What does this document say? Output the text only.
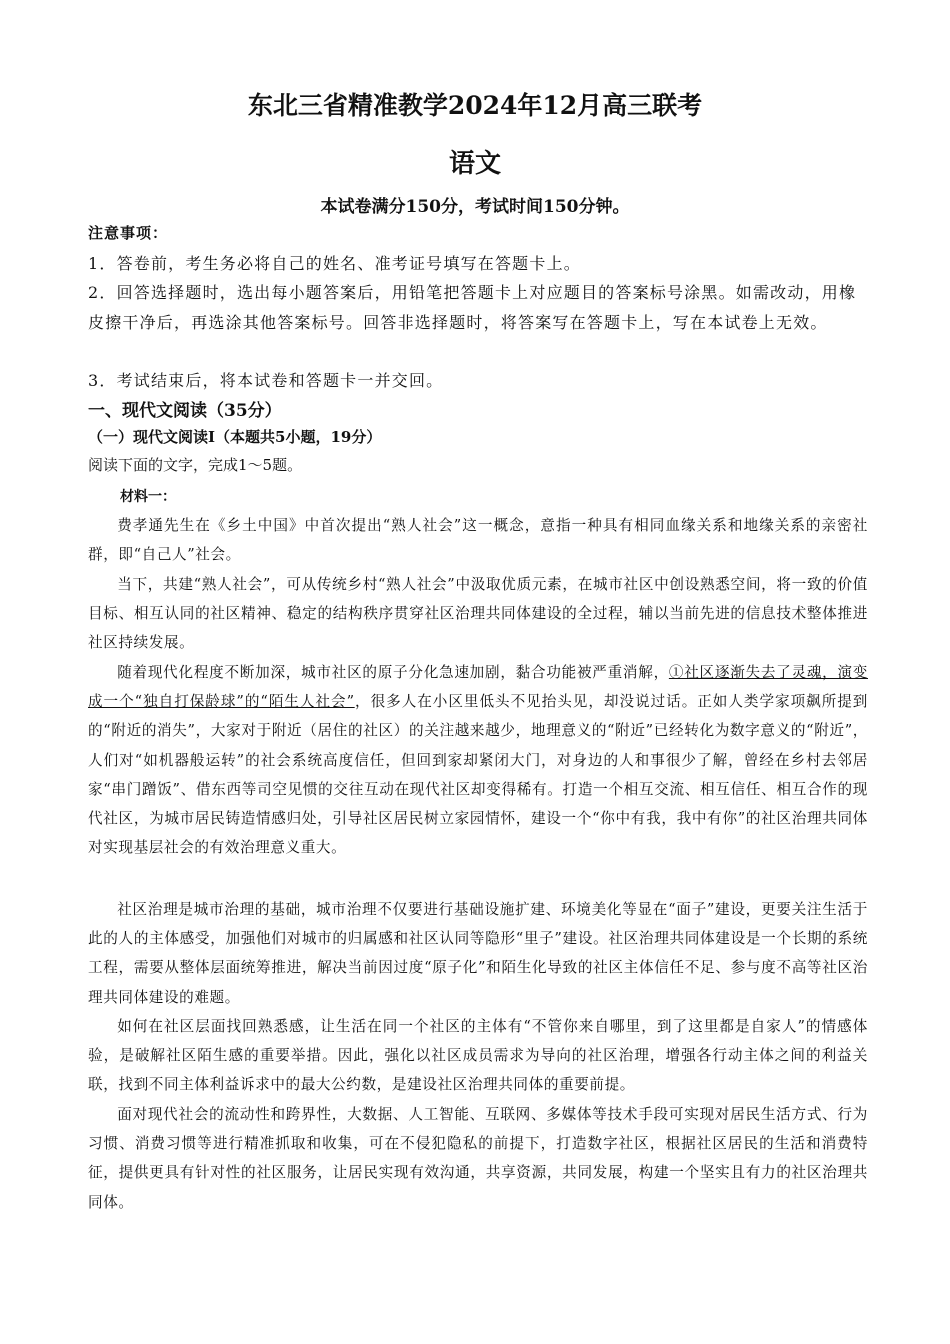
东北三省精准教学2024年12月高三联考
语文
本试卷满分150分，考试时间150分钟。
注意事项：
1．答卷前，考生务必将自己的姓名、准考证号填写在答题卡上。
2．回答选择题时，选出每小题答案后，用铅笔把答题卡上对应题目的答案标号涂黑。如需改动，用橡皮擦干净后，再选涂其他答案标号。回答非选择题时，将答案写在答题卡上，写在本试卷上无效。
3．考试结束后，将本试卷和答题卡一并交回。
一、现代文阅读（35分）
（一）现代文阅读Ⅰ（本题共5小题，19分）
阅读下面的文字，完成1～5题。
材料一：
费孝通先生在《乡土中国》中首次提出“熟人社会”这一概念，意指一种具有相同血缘关系和地缘关系的亲密社群，即“自己人”社会。
当下，共建“熟人社会”，可从传统乡村“熟人社会”中汲取优质元素，在城市社区中创设熟悉空间，将一致的价值目标、相互认同的社区精神、稳定的结构秩序贯穿社区治理共同体建设的全过程，辅以当前先进的信息技术整体推进社区持续发展。
随着现代化程度不断加深，城市社区的原子分化急速加剧，黏合功能被严重消解，①社区逐渐失去了灵魂，演变成一个“独自打保龄球”的“陌生人社会”，很多人在小区里低头不见抬头见，却没说过话。正如人类学家项飙所提到的“附近的消失”，大家对于附近（居住的社区）的关注越来越少，地理意义的“附近”已经转化为数字意义的“附近”，人们对“如机器般运转”的社会系统高度信任，但回到家却紧闭大门，对身边的人和事很少了解，曾经在乡村去邻居家“串门蹭饭”、借东西等司空见惯的交往互动在现代社区却变得稀有。打造一个相互交流、相互信任、相互合作的现代社区，为城市居民铸造情感归处，引导社区居民树立家园情怀，建设一个“你中有我，我中有你”的社区治理共同体对实现基层社会的有效治理意义重大。
社区治理是城市治理的基础，城市治理不仅要进行基础设施扩建、环境美化等显在“面子”建设，更要关注生活于此的人的主体感受，加强他们对城市的归属感和社区认同等隐形“里子”建设。社区治理共同体建设是一个长期的系统工程，需要从整体层面统筹推进，解决当前因过度“原子化”和陌生化导致的社区主体信任不足、参与度不高等社区治理共同体建设的难题。
如何在社区层面找回熟悉感，让生活在同一个社区的主体有“不管你来自哪里，到了这里都是自家人”的情感体验，是破解社区陌生感的重要举措。因此，强化以社区成员需求为导向的社区治理，增强各行动主体之间的利益关联，找到不同主体利益诉求中的最大公约数，是建设社区治理共同体的重要前提。
面对现代社会的流动性和跨界性，大数据、人工智能、互联网、多媒体等技术手段可实现对居民生活方式、行为习惯、消费习惯等进行精准抓取和收集，可在不侵犯隐私的前提下，打造数字社区，根据社区居民的生活和消费特征，提供更具有针对性的社区服务，让居民实现有效沟通，共享资源，共同发展，构建一个坚实且有力的社区治理共同体。
